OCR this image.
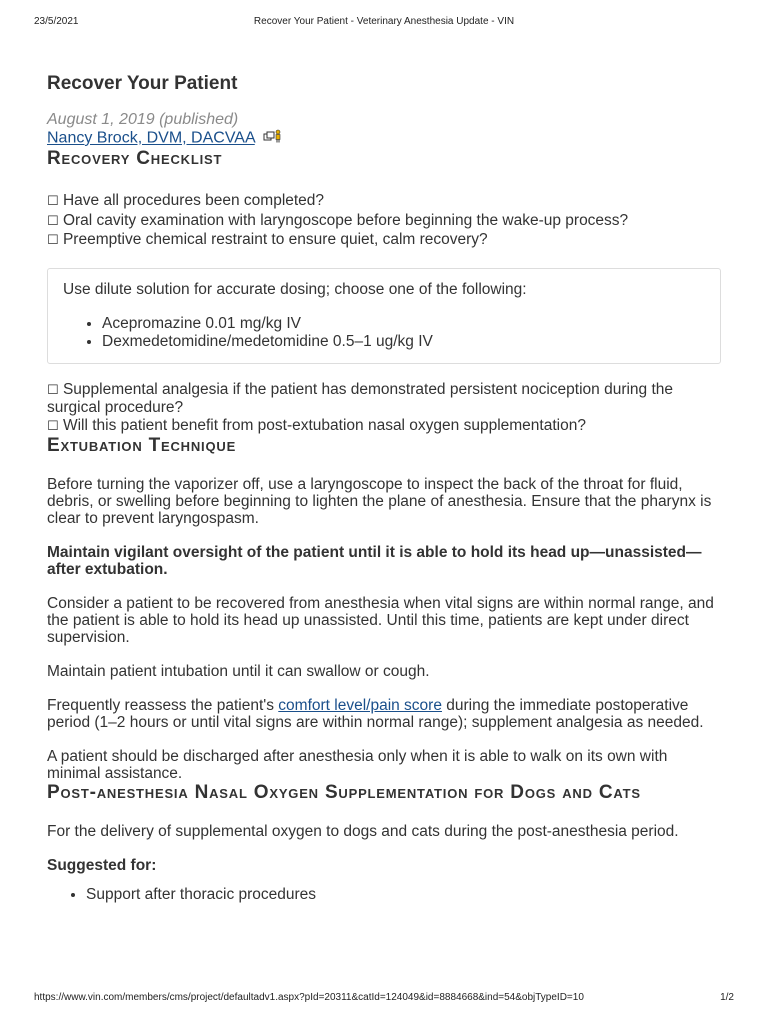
23/5/2021	Recover Your Patient - Veterinary Anesthesia Update - VIN
Recover Your Patient
August 1, 2019 (published)
Nancy Brock, DVM, DACVAA
Recovery Checklist
☐ Have all procedures been completed?
☐ Oral cavity examination with laryngoscope before beginning the wake-up process?
☐ Preemptive chemical restraint to ensure quiet, calm recovery?
Use dilute solution for accurate dosing; choose one of the following:
• Acepromazine 0.01 mg/kg IV
• Dexmedetomidine/medetomidine 0.5–1 ug/kg IV
☐ Supplemental analgesia if the patient has demonstrated persistent nociception during the surgical procedure?
☐ Will this patient benefit from post-extubation nasal oxygen supplementation?
Extubation Technique

Before turning the vaporizer off, use a laryngoscope to inspect the back of the throat for fluid, debris, or swelling before beginning to lighten the plane of anesthesia. Ensure that the pharynx is clear to prevent laryngospasm.

Maintain vigilant oversight of the patient until it is able to hold its head up—unassisted—after extubation.

Consider a patient to be recovered from anesthesia when vital signs are within normal range, and the patient is able to hold its head up unassisted. Until this time, patients are kept under direct supervision.

Maintain patient intubation until it can swallow or cough.

Frequently reassess the patient's comfort level/pain score during the immediate postoperative period (1–2 hours or until vital signs are within normal range); supplement analgesia as needed.

A patient should be discharged after anesthesia only when it is able to walk on its own with minimal assistance.

Post-anesthesia Nasal Oxygen Supplementation for Dogs and Cats

For the delivery of supplemental oxygen to dogs and cats during the post-anesthesia period.

Suggested for:

• Support after thoracic procedures
https://www.vin.com/members/cms/project/defaultadv1.aspx?pId=20311&catId=124049&id=8884668&ind=54&objTypeID=10	1/2
